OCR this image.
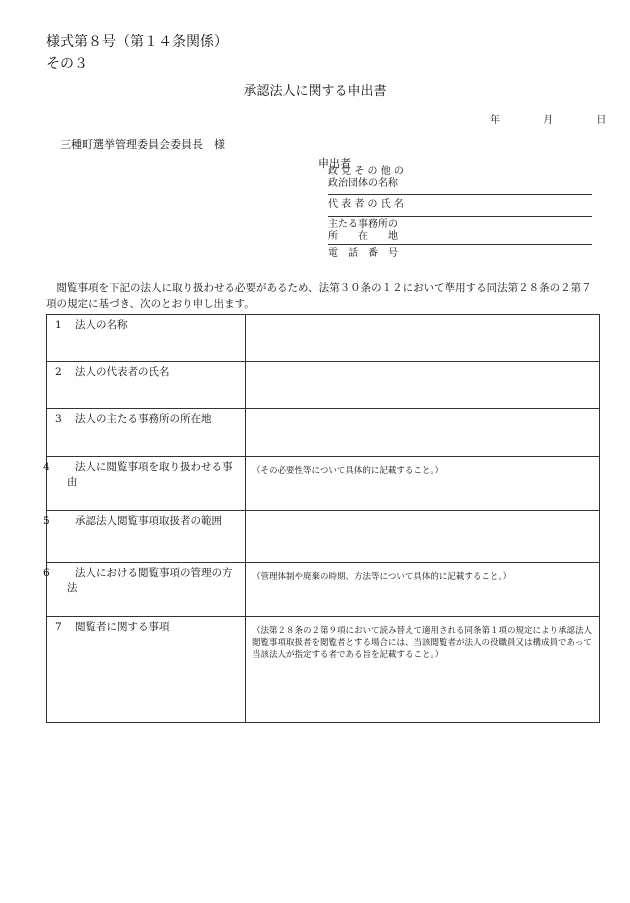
様式第８号（第１４条関係）
その３
承認法人に関する申出書
年	月	日
三種町選挙管理委員会委員長　様
申出者
政 党 そ の 他 の
政治団体の名称
代 表 者 の 氏 名
主たる事務所の
所　　在　　地
電　話　番　号
閲覧事項を下記の法人に取り扱わせる必要があるため、法第３０条の１２において準用する同法第２８条の２第７項の規定に基づき、次のとおり申し出ます。
1 法人の名称	
2 法人の代表者の氏名	
3 法人の主たる事務所の所在地	

4 法人に閲覧事項を取り扱わせる事由	（その必要性等について具体的に記載すること。）

5 承認法人閲覧事項取扱者の範囲	

6 法人における閲覧事項の管理の方法	（管理体制や廃棄の時期、方法等について具体的に記載すること。）
7 閲覧者に関する事項	（法第２８条の２第９項において読み替えて適用される同条第１項の規定により承認法人閲覧事項取扱者を閲覧者とする場合には、当該閲覧者が法人の役職員又は構成員であって当該法人が指定する者である旨を記載すること。）
